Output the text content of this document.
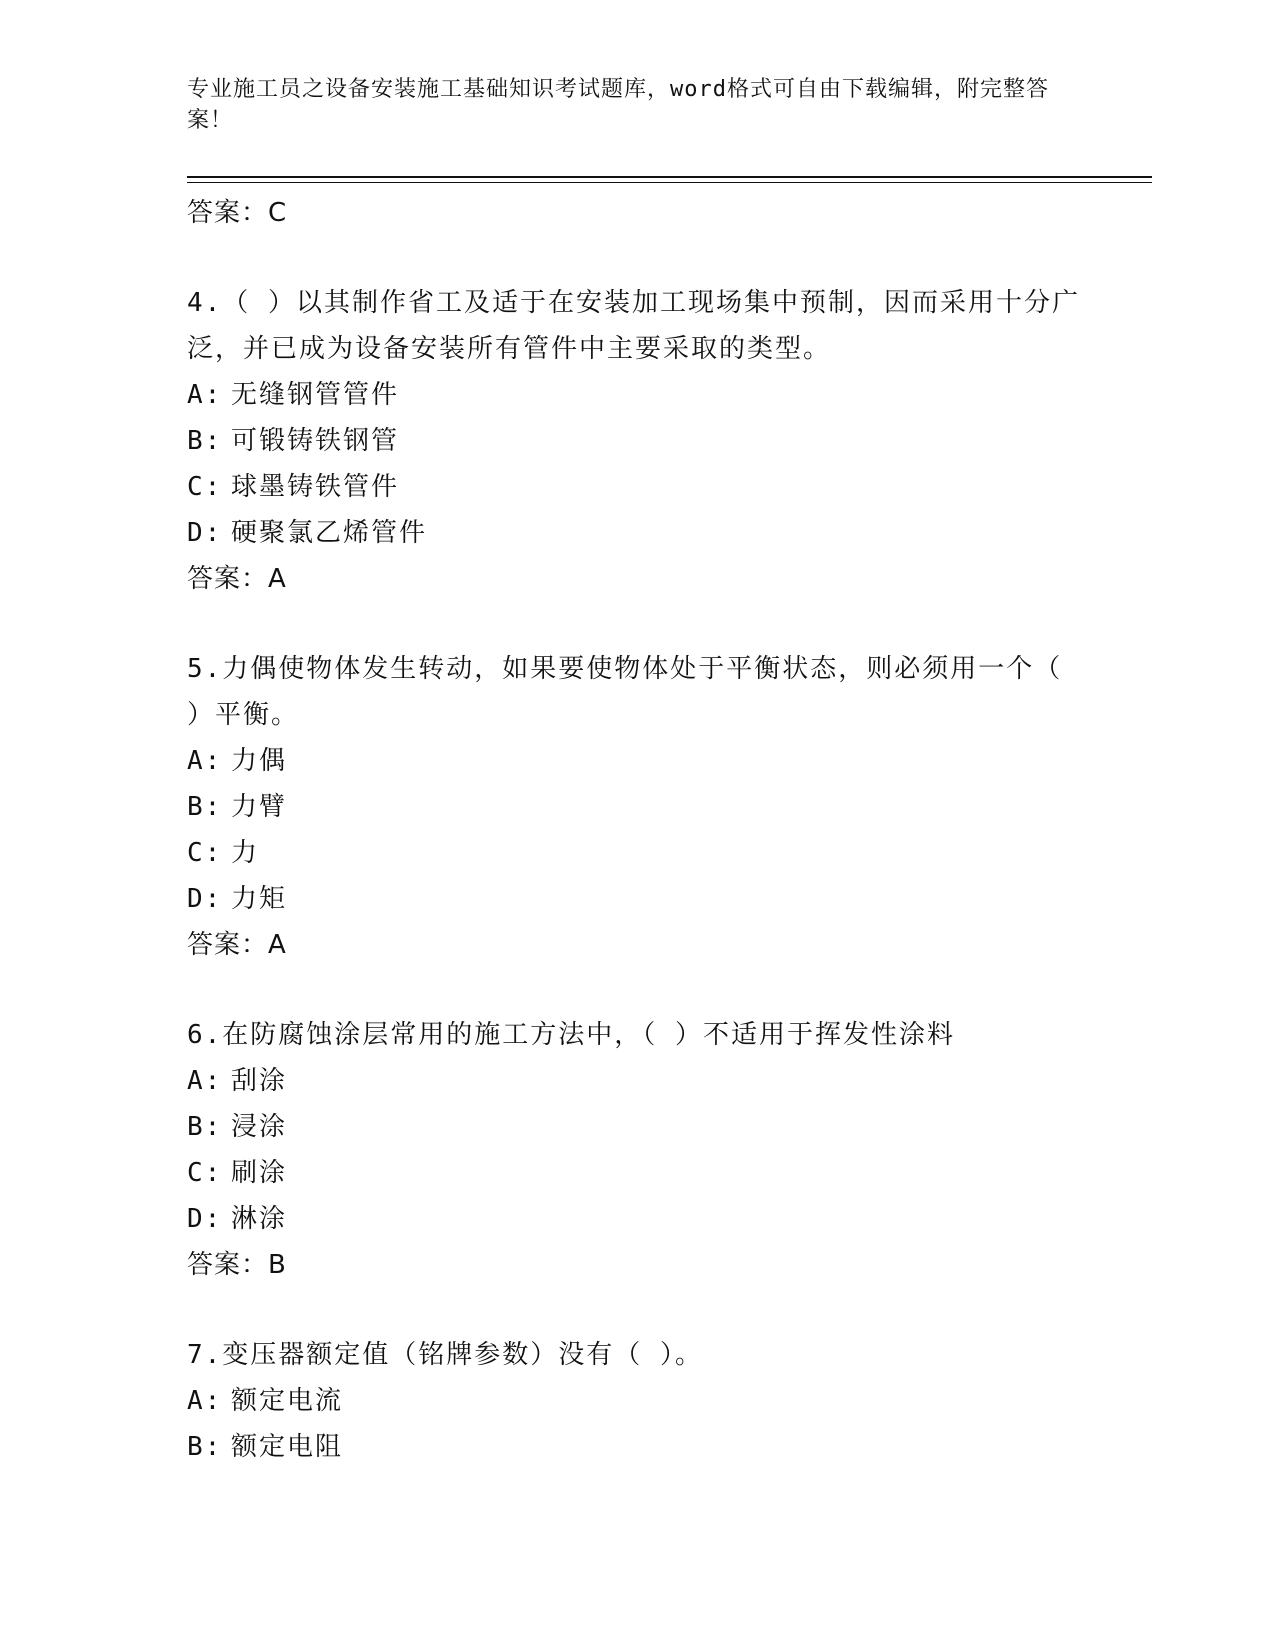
专业施工员之设备安装施工基础知识考试题库，word格式可自由下载编辑，附完整答案！
答案：C
4.（ ）以其制作省工及适于在安装加工现场集中预制，因而采用十分广泛，并已成为设备安装所有管件中主要采取的类型。
A: 无缝钢管管件
B: 可锻铸铁钢管
C: 球墨铸铁管件
D: 硬聚氯乙烯管件
答案：A
5.力偶使物体发生转动，如果要使物体处于平衡状态，则必须用一个（ ）平衡。
A: 力偶
B: 力臂
C: 力
D: 力矩
答案：A
6.在防腐蚀涂层常用的施工方法中，（ ）不适用于挥发性涂料
A: 刮涂
B: 浸涂
C: 刷涂
D: 淋涂
答案：B
7.变压器额定值（铭牌参数）没有（ ）。
A: 额定电流
B: 额定电阻
